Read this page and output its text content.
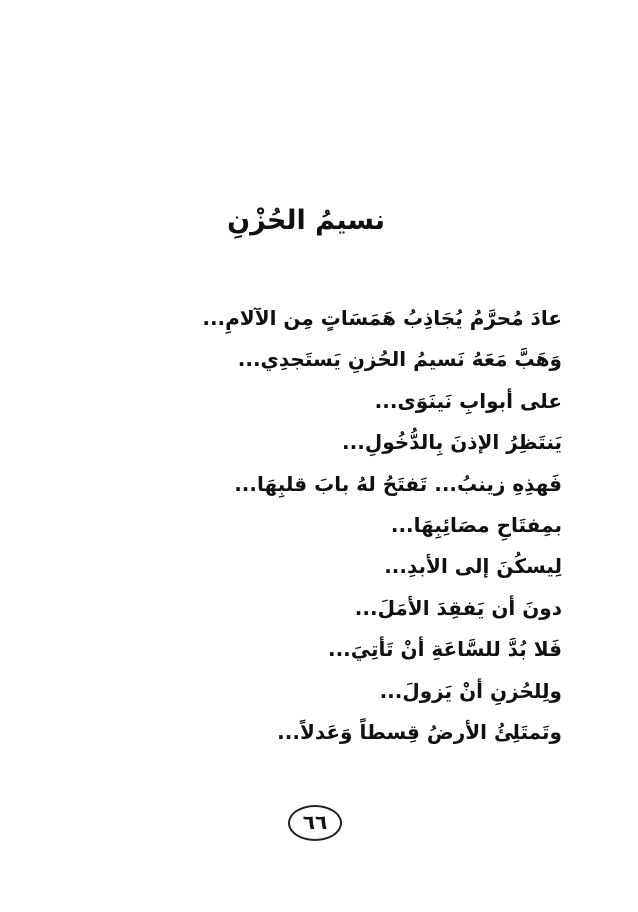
نسيمُ الحُزْنِ
عادَ مُحرَّمُ يُجَاذِبُ هَمَسَاتٍ مِن الآلامِ...
وَهَبَّ مَعَهُ نَسيمُ الحُزنِ يَستَجدِي...
على أبوابِ نَينَوَى...
يَنتَظِرُ الإذنَ بِالدُّخُولِ...
فَهذِهِ زينبُ... تَفتَحُ لهُ بابَ قلبِهَا...
بمِفتَاحِ مصَائِبِهَا...
لِيسكُنَ إلى الأبدِ...
دونَ أن يَفقِدَ الأمَلَ...
فَلا بُدَّ للسَّاعَةِ أنْ تَأتِيَ...
ولِلحُزنِ أنْ يَزولَ...
وتَمتَلِئُ الأرضُ قِسطاً وَعَدلاً...
٦٦
